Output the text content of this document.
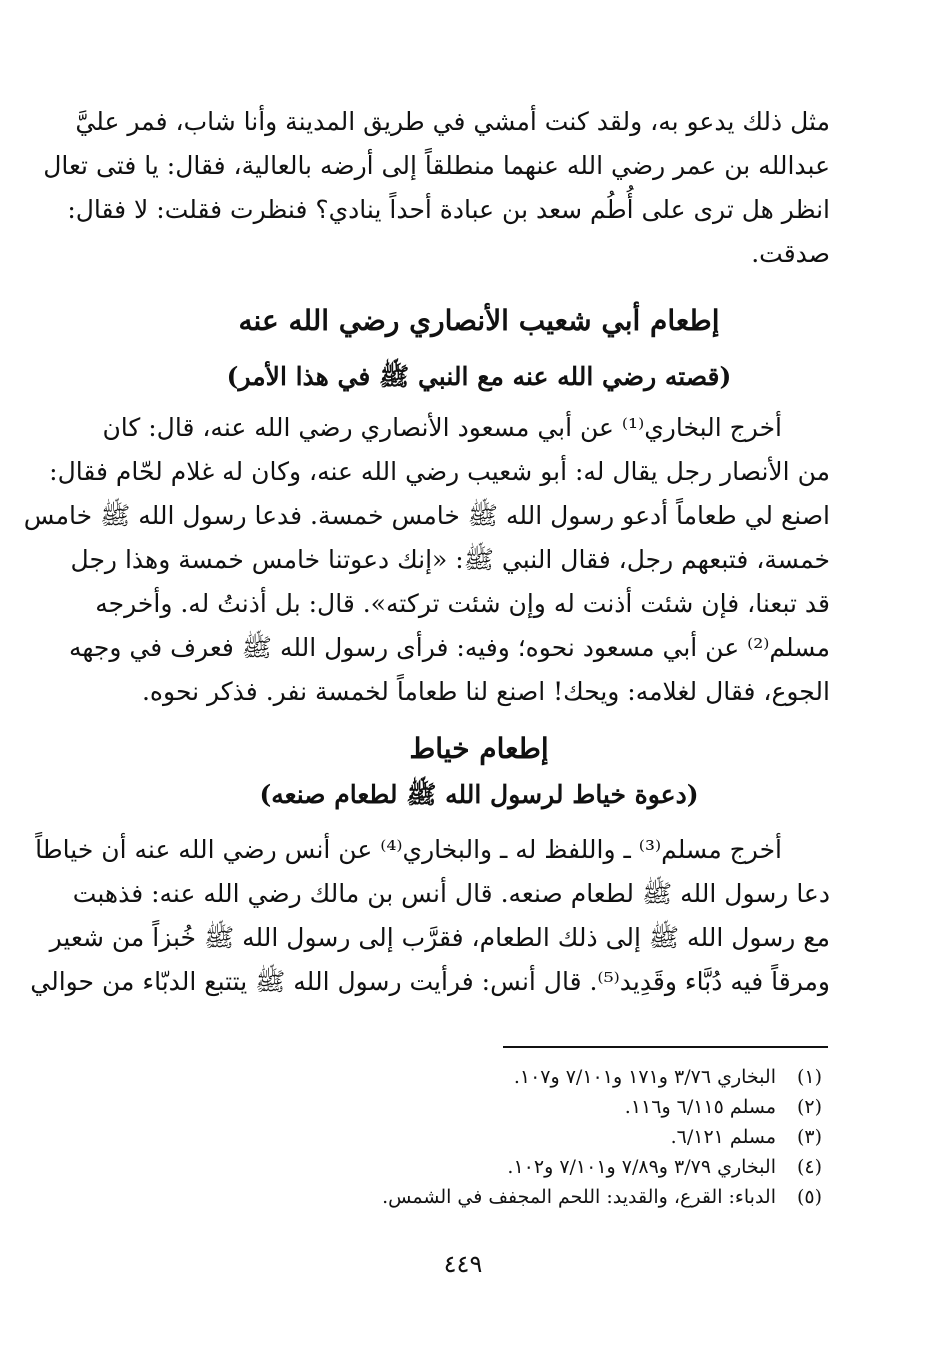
مثل ذلك يدعو به، ولقد كنت أمشي في طريق المدينة وأنا شاب، فمر عليَّ
عبدالله بن عمر رضي الله عنهما منطلقاً إلى أرضه بالعالية، فقال: يا فتى تعال
انظر هل ترى على أُطُم سعد بن عبادة أحداً ينادي؟ فنظرت فقلت: لا فقال:
صدقت.
إطعام أبي شعيب الأنصاري رضي الله عنه
(قصته رضي الله عنه مع النبي ﷺ في هذا الأمر)
أخرج البخاري⁽¹⁾ عن أبي مسعود الأنصاري رضي الله عنه، قال: كان
من الأنصار رجل يقال له: أبو شعيب رضي الله عنه، وكان له غلام لحّام فقال:
اصنع لي طعاماً أدعو رسول الله ﷺ خامس خمسة. فدعا رسول الله ﷺ خامس
خمسة، فتبعهم رجل، فقال النبي ﷺ: «إنك دعوتنا خامس خمسة وهذا رجل
قد تبعنا، فإن شئت أذنت له وإن شئت تركته». قال: بل أذنتُ له. وأخرجه
مسلم⁽²⁾ عن أبي مسعود نحوه؛ وفيه: فرأى رسول الله ﷺ فعرف في وجهه
الجوع، فقال لغلامه: ويحك! اصنع لنا طعاماً لخمسة نفر. فذكر نحوه.
إطعام خياط
(دعوة خياط لرسول الله ﷺ لطعام صنعه)
أخرج مسلم⁽³⁾ ـ واللفظ له ـ والبخاري⁽⁴⁾ عن أنس رضي الله عنه أن خياطاً
دعا رسول الله ﷺ لطعام صنعه. قال أنس بن مالك رضي الله عنه: فذهبت
مع رسول الله ﷺ إلى ذلك الطعام، فقرَّب إلى رسول الله ﷺ خُبزاً من شعير
ومرقاً فيه دُبَّاء وقَدِيد⁽⁵⁾. قال أنس: فرأيت رسول الله ﷺ يتتبع الدبّاء من حوالي
(١)
البخاري ٣/٧٦ و١٧١ و٧/١٠١ و١٠٧.
(٢)
مسلم ٦/١١٥ و١١٦.
(٣)
مسلم ٦/١٢١.
(٤)
البخاري ٣/٧٩ و٧/٨٩ و٧/١٠١ و١٠٢.
(٥)
الدباء: القرع، والقديد: اللحم المجفف في الشمس.
٤٤٩
